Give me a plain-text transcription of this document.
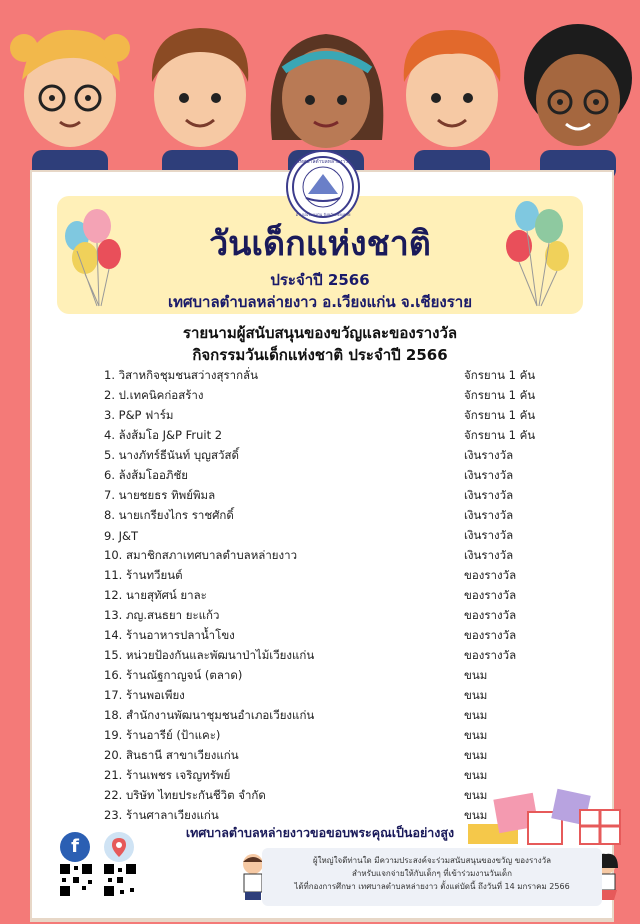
เทศบาลตำบลหล่ายงาว
อำเภอเวียงแก่น จังหวัดเชียงราย
วันเด็กแห่งชาติ
ประจำปี 2566
เทศบาลตำบลหล่ายงาว อ.เวียงแก่น จ.เชียงราย
รายนามผู้สนับสนุนของขวัญและของรางวัล
กิจกรรมวันเด็กแห่งชาติ ประจำปี 2566
1. วิสาหกิจชุมชนสว่างสุรากลั่น	จักรยาน 1 คัน
2. ป.เทคนิคก่อสร้าง	จักรยาน 1 คัน
3. P&P ฟาร์ม	จักรยาน 1 คัน
4. ล้งส้มโอ J&P Fruit 2	จักรยาน 1 คัน
5. นางภัทร์ธีนันท์ บุญสวัสดิ์	เงินรางวัล
6. ล้งส้มโออภิชัย	เงินรางวัล
7. นายชยธร ทิพย์พิมล	เงินรางวัล
8. นายเกรียงไกร ราชศักดิ์	เงินรางวัล
9. J&T	เงินรางวัล
10. สมาชิกสภาเทศบาลตำบลหล่ายงาว	เงินรางวัล
11. ร้านทวียนต์	ของรางวัล
12. นายสุทัศน์ ยาละ	ของรางวัล
13. ภญ.สนธยา ยะแก้ว	ของรางวัล
14. ร้านอาหารปลาน้ำโขง	ของรางวัล
15. หน่วยป้องกันและพัฒนาป่าไม้เวียงแก่น	ของรางวัล
16. ร้านณัฐกาญจน์ (ตลาด)	ขนม
17. ร้านพอเพียง	ขนม
18. สำนักงานพัฒนาชุมชนอำเภอเวียงแก่น	ขนม
19. ร้านอารีย์ (ป้าแคะ)	ขนม
20. สินธานี สาขาเวียงแก่น	ขนม
21. ร้านเพชร เจริญทรัพย์	ขนม
22. บริษัท ไทยประกันชีวิต จำกัด	ขนม
23. ร้านศาลาเวียงแก่น	ขนม
เทศบาลตำบลหล่ายงาวขอขอบพระคุณเป็นอย่างสูง
f
ผู้ใหญ่ใจดีท่านใด มีความประสงค์จะร่วมสนับสนุนของขวัญ ของรางวัล
สำหรับแจกจ่ายให้กับเด็กๆ ที่เข้าร่วมงานวันเด็ก
ได้ที่กองการศึกษา เทศบาลตำบลหล่ายงาว ตั้งแต่บัดนี้ ถึงวันที่ 14 มกราคม 2566
